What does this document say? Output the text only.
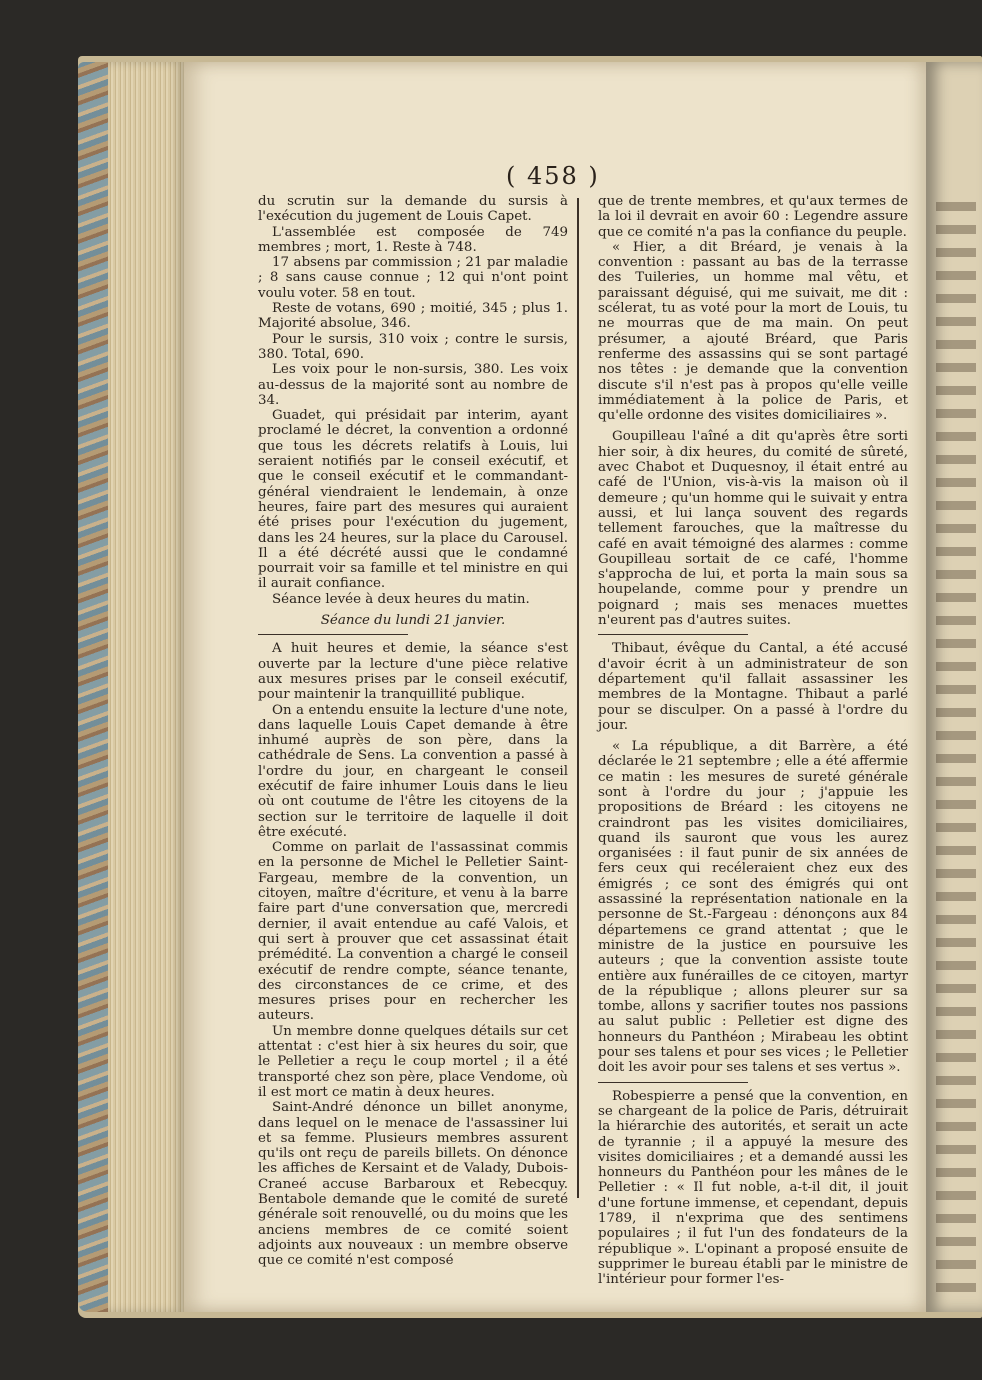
( 458 )

du scrutin sur la demande du sursis à l'exécution du jugement de Louis Capet.

L'assemblée est composée de 749 membres ; mort, 1. Reste à 748.

17 absens par commission ; 21 par maladie ; 8 sans cause connue ; 12 qui n'ont point voulu voter. 58 en tout.

Reste de votans, 690 ; moitié, 345 ; plus 1. Majorité absolue, 346.

Pour le sursis, 310 voix ; contre le sursis, 380. Total, 690.

Les voix pour le non-sursis, 380. Les voix au-dessus de la majorité sont au nombre de 34.

Guadet, qui présidait par interim, ayant proclamé le décret, la convention a ordonné que tous les décrets relatifs à Louis, lui seraient notifiés par le conseil exécutif, et que le conseil exécutif et le commandant-général viendraient le lendemain, à onze heures, faire part des mesures qui auraient été prises pour l'exécution du jugement, dans les 24 heures, sur la place du Carousel. Il a été décrété aussi que le condamné pourrait voir sa famille et tel ministre en qui il aurait confiance.

Séance levée à deux heures du matin.

Séance du lundi 21 janvier.

A huit heures et demie, la séance s'est ouverte par la lecture d'une pièce relative aux mesures prises par le conseil exécutif, pour maintenir la tranquillité publique.

On a entendu ensuite la lecture d'une note, dans laquelle Louis Capet demande à être inhumé auprès de son père, dans la cathédrale de Sens. La convention a passé à l'ordre du jour, en chargeant le conseil exécutif de faire inhumer Louis dans le lieu où ont coutume de l'être les citoyens de la section sur le territoire de laquelle il doit être exécuté.

Comme on parlait de l'assassinat commis en la personne de Michel le Pelletier Saint-Fargeau, membre de la convention, un citoyen, maître d'écriture, et venu à la barre faire part d'une conversation que, mercredi dernier, il avait entendue au café Valois, et qui sert à prouver que cet assassinat était prémédité. La convention a chargé le conseil exécutif de rendre compte, séance tenante, des circonstances de ce crime, et des mesures prises pour en rechercher les auteurs.

Un membre donne quelques détails sur cet attentat : c'est hier à six heures du soir, que le Pelletier a reçu le coup mortel ; il a été transporté chez son père, place Vendome, où il est mort ce matin à deux heures.

Saint-André dénonce un billet anonyme, dans lequel on le menace de l'assassiner lui et sa femme. Plusieurs membres assurent qu'ils ont reçu de pareils billets. On dénonce les affiches de Kersaint et de Valady, Dubois-Craneé accuse Barbaroux et Rebecquy. Bentabole demande que le comité de sureté générale soit renouvellé, ou du moins que les anciens membres de ce comité soient adjoints aux nouveaux : un membre observe que ce comité n'est composé

que de trente membres, et qu'aux termes de la loi il devrait en avoir 60 : Legendre assure que ce comité n'a pas la confiance du peuple.

« Hier, a dit Bréard, je venais à la convention : passant au bas de la terrasse des Tuileries, un homme mal vêtu, et paraissant déguisé, qui me suivait, me dit : scélerat, tu as voté pour la mort de Louis, tu ne mourras que de ma main. On peut présumer, a ajouté Bréard, que Paris renferme des assassins qui se sont partagé nos têtes : je demande que la convention discute s'il n'est pas à propos qu'elle veille immédiatement à la police de Paris, et qu'elle ordonne des visites domiciliaires ».

Goupilleau l'aîné a dit qu'après être sorti hier soir, à dix heures, du comité de sûreté, avec Chabot et Duquesnoy, il était entré au café de l'Union, vis-à-vis la maison où il demeure ; qu'un homme qui le suivait y entra aussi, et lui lança souvent des regards tellement farouches, que la maîtresse du café en avait témoigné des alarmes : comme Goupilleau sortait de ce café, l'homme s'approcha de lui, et porta la main sous sa houpelande, comme pour y prendre un poignard ; mais ses menaces muettes n'eurent pas d'autres suites.

Thibaut, évêque du Cantal, a été accusé d'avoir écrit à un administrateur de son département qu'il fallait assassiner les membres de la Montagne. Thibaut a parlé pour se disculper. On a passé à l'ordre du jour.

« La république, a dit Barrère, a été déclarée le 21 septembre ; elle a été affermie ce matin : les mesures de sureté générale sont à l'ordre du jour ; j'appuie les propositions de Bréard : les citoyens ne craindront pas les visites domiciliaires, quand ils sauront que vous les aurez organisées : il faut punir de six années de fers ceux qui recéleraient chez eux des émigrés ; ce sont des émigrés qui ont assassiné la représentation nationale en la personne de St.-Fargeau : dénonçons aux 84 départemens ce grand attentat ; que le ministre de la justice en poursuive les auteurs ; que la convention assiste toute entière aux funérailles de ce citoyen, martyr de la république ; allons pleurer sur sa tombe, allons y sacrifier toutes nos passions au salut public : Pelletier est digne des honneurs du Panthéon ; Mirabeau les obtint pour ses talens et pour ses vices ; le Pelletier doit les avoir pour ses talens et ses vertus ».

Robespierre a pensé que la convention, en se chargeant de la police de Paris, détruirait la hiérarchie des autorités, et serait un acte de tyrannie ; il a appuyé la mesure des visites domiciliaires ; et a demandé aussi les honneurs du Panthéon pour les mânes de le Pelletier : « Il fut noble, a-t-il dit, il jouit d'une fortune immense, et cependant, depuis 1789, il n'exprima que des sentimens populaires ; il fut l'un des fondateurs de la république ». L'opinant a proposé ensuite de supprimer le bureau établi par le ministre de l'intérieur pour former l'es-
